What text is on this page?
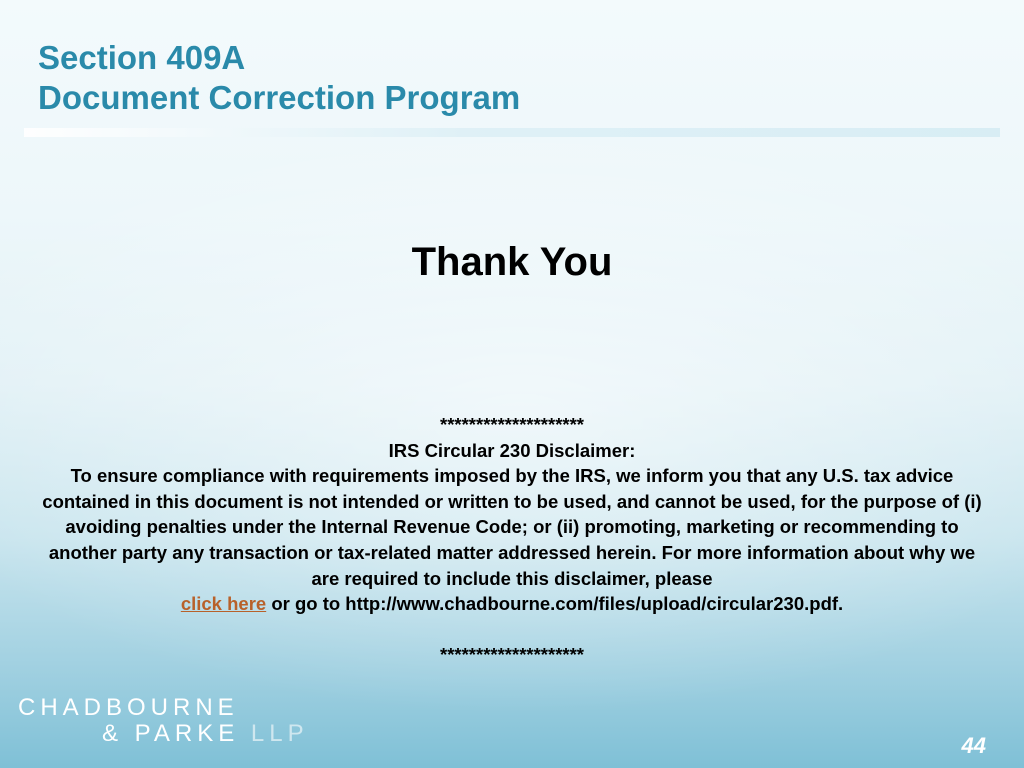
Section 409A
Document Correction Program
Thank You

********************

IRS Circular 230 Disclaimer:

To ensure compliance with requirements imposed by the IRS, we inform you that any U.S. tax advice contained in this document is not intended or written to be used, and cannot be used, for the purpose of (i) avoiding penalties under the Internal Revenue Code; or (ii) promoting, marketing or recommending to another party any transaction or tax-related matter addressed herein. For more information about why we are required to include this disclaimer, please
click here or go to http://www.chadbourne.com/files/upload/circular230.pdf.

********************

CHADBOURNE
& PARKE LLP	44
